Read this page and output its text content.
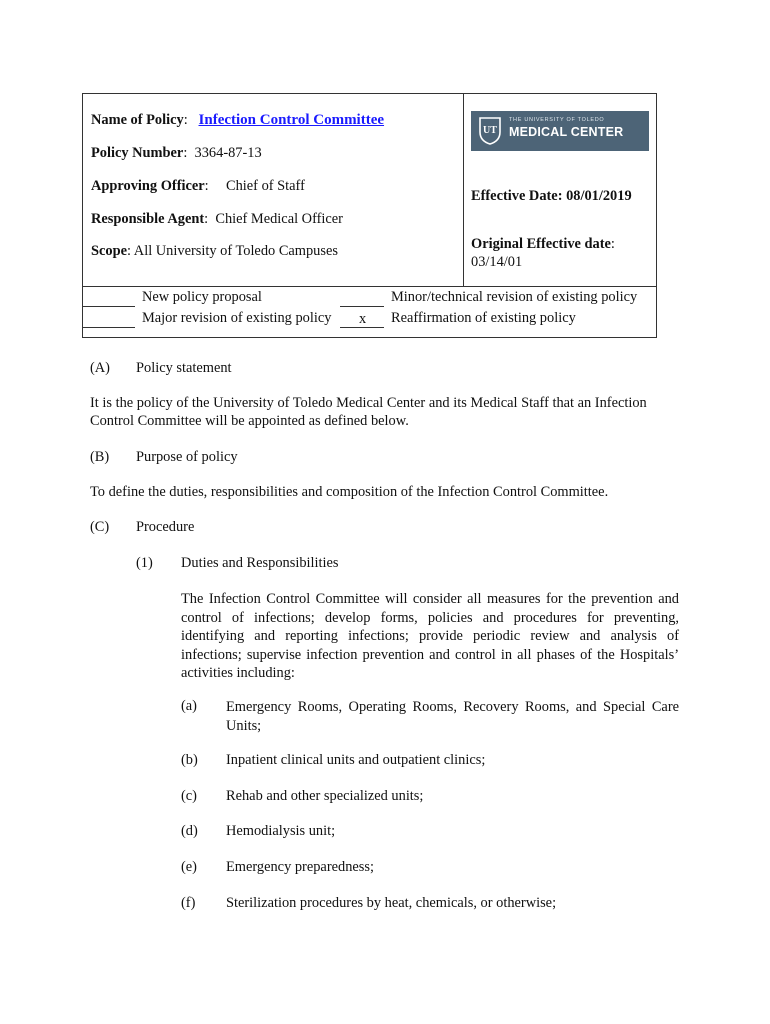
Name of Policy:   Infection Control Committee
Policy Number:  3364-87-13
Approving Officer: Chief of Staff
Responsible Agent:  Chief Medical Officer
Scope: All University of Toledo Campuses
UT
THE UNIVERSITY OF TOLEDO
MEDICAL CENTER
Effective Date: 08/01/2019
Original Effective date:
03/14/01
New policy proposal
Major revision of existing policy
Minor/technical revision of existing policy
x Reaffirmation of existing policy
(A) Policy statement
It is the policy of the University of Toledo Medical Center and its Medical Staff that an Infection
Control Committee will be appointed as defined below.
(B) Purpose of policy
To define the duties, responsibilities and composition of the Infection Control Committee.
(C) Procedure
(1) Duties and Responsibilities
The Infection Control Committee will consider all measures for the prevention and control of infections; develop forms, policies and procedures for preventing, identifying and reporting infections; provide periodic review and analysis of infections; supervise infection prevention and control in all phases of the Hospitals’ activities including:
(a) Emergency Rooms, Operating Rooms, Recovery Rooms, and Special Care Units;
(b) Inpatient clinical units and outpatient clinics;
(c) Rehab and other specialized units;
(d) Hemodialysis unit;
(e) Emergency preparedness;
(f) Sterilization procedures by heat, chemicals, or otherwise;
